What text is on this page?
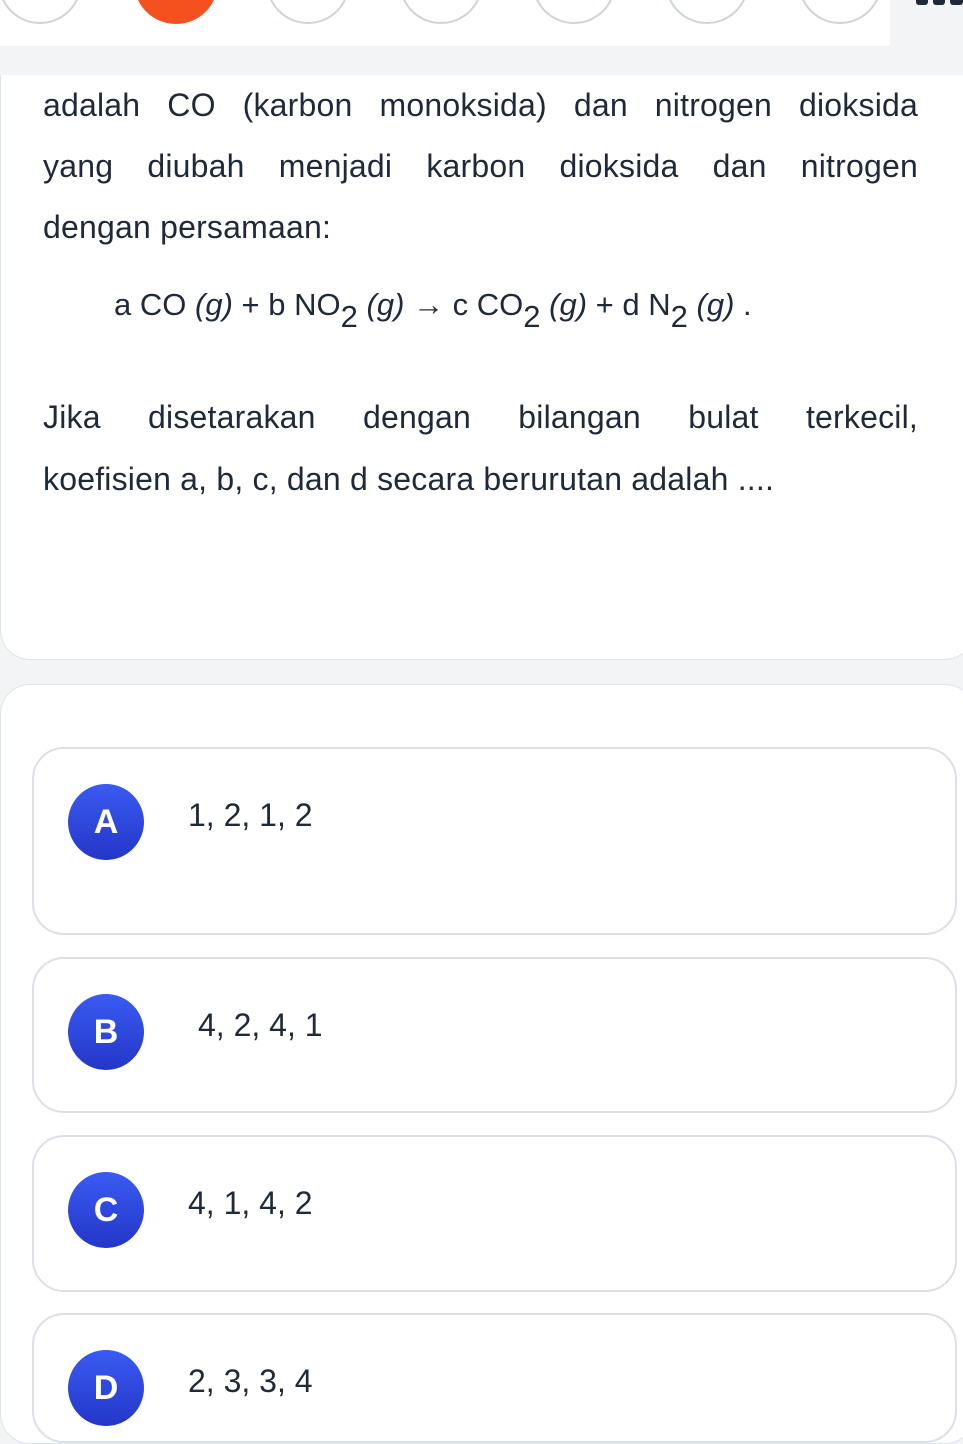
adalah CO (karbon monoksida) dan nitrogen dioksida
yang diubah menjadi karbon dioksida dan nitrogen
dengan persamaan:
a CO (g) + b NO2 (g) → c CO2 (g) + d N2 (g) .
Jika disetarakan dengan bilangan bulat terkecil,
koefisien a, b, c, dan d secara berurutan adalah ....
A	1, 2, 1, 2
B	4, 2, 4, 1
C	4, 1, 4, 2
D	2, 3, 3, 4
